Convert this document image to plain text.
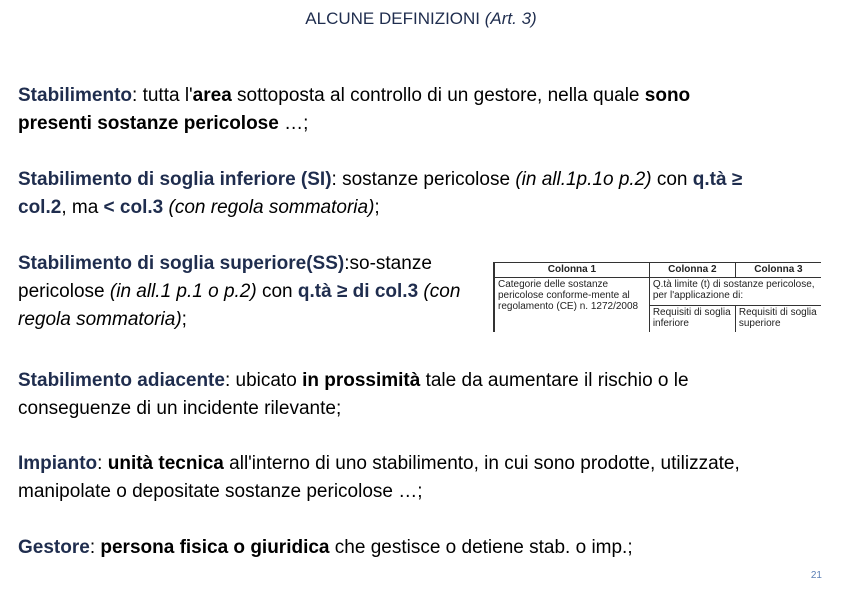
ALCUNE DEFINIZIONI (Art. 3)
Stabilimento: tutta l'area sottoposta al controllo di un gestore, nella quale sono presenti sostanze pericolose …;
Stabilimento di soglia inferiore (SI): sostanze pericolose (in all.1p.1o p.2) con q.tà ≥ col.2, ma < col.3 (con regola sommatoria);
Stabilimento di soglia superiore(SS):so-stanze pericolose (in all.1 p.1 o p.2) con q.tà ≥ di col.3 (con regola sommatoria);
Colonna 1	Colonna 2	Colonna 3
Categorie delle sostanze pericolose conforme-mente al regolamento (CE) n. 1272/2008	Q.tà limite (t) di sostanze pericolose, per l'applicazione di:	
	Requisiti di soglia inferiore	Requisiti di soglia superiore
Stabilimento adiacente: ubicato in prossimità tale da aumentare il rischio o le conseguenze di un incidente rilevante;
Impianto: unità tecnica all'interno di uno stabilimento, in cui sono prodotte, utilizzate, manipolate o depositate sostanze pericolose …;
Gestore: persona fisica o giuridica che gestisce o detiene stab. o imp.;
21
